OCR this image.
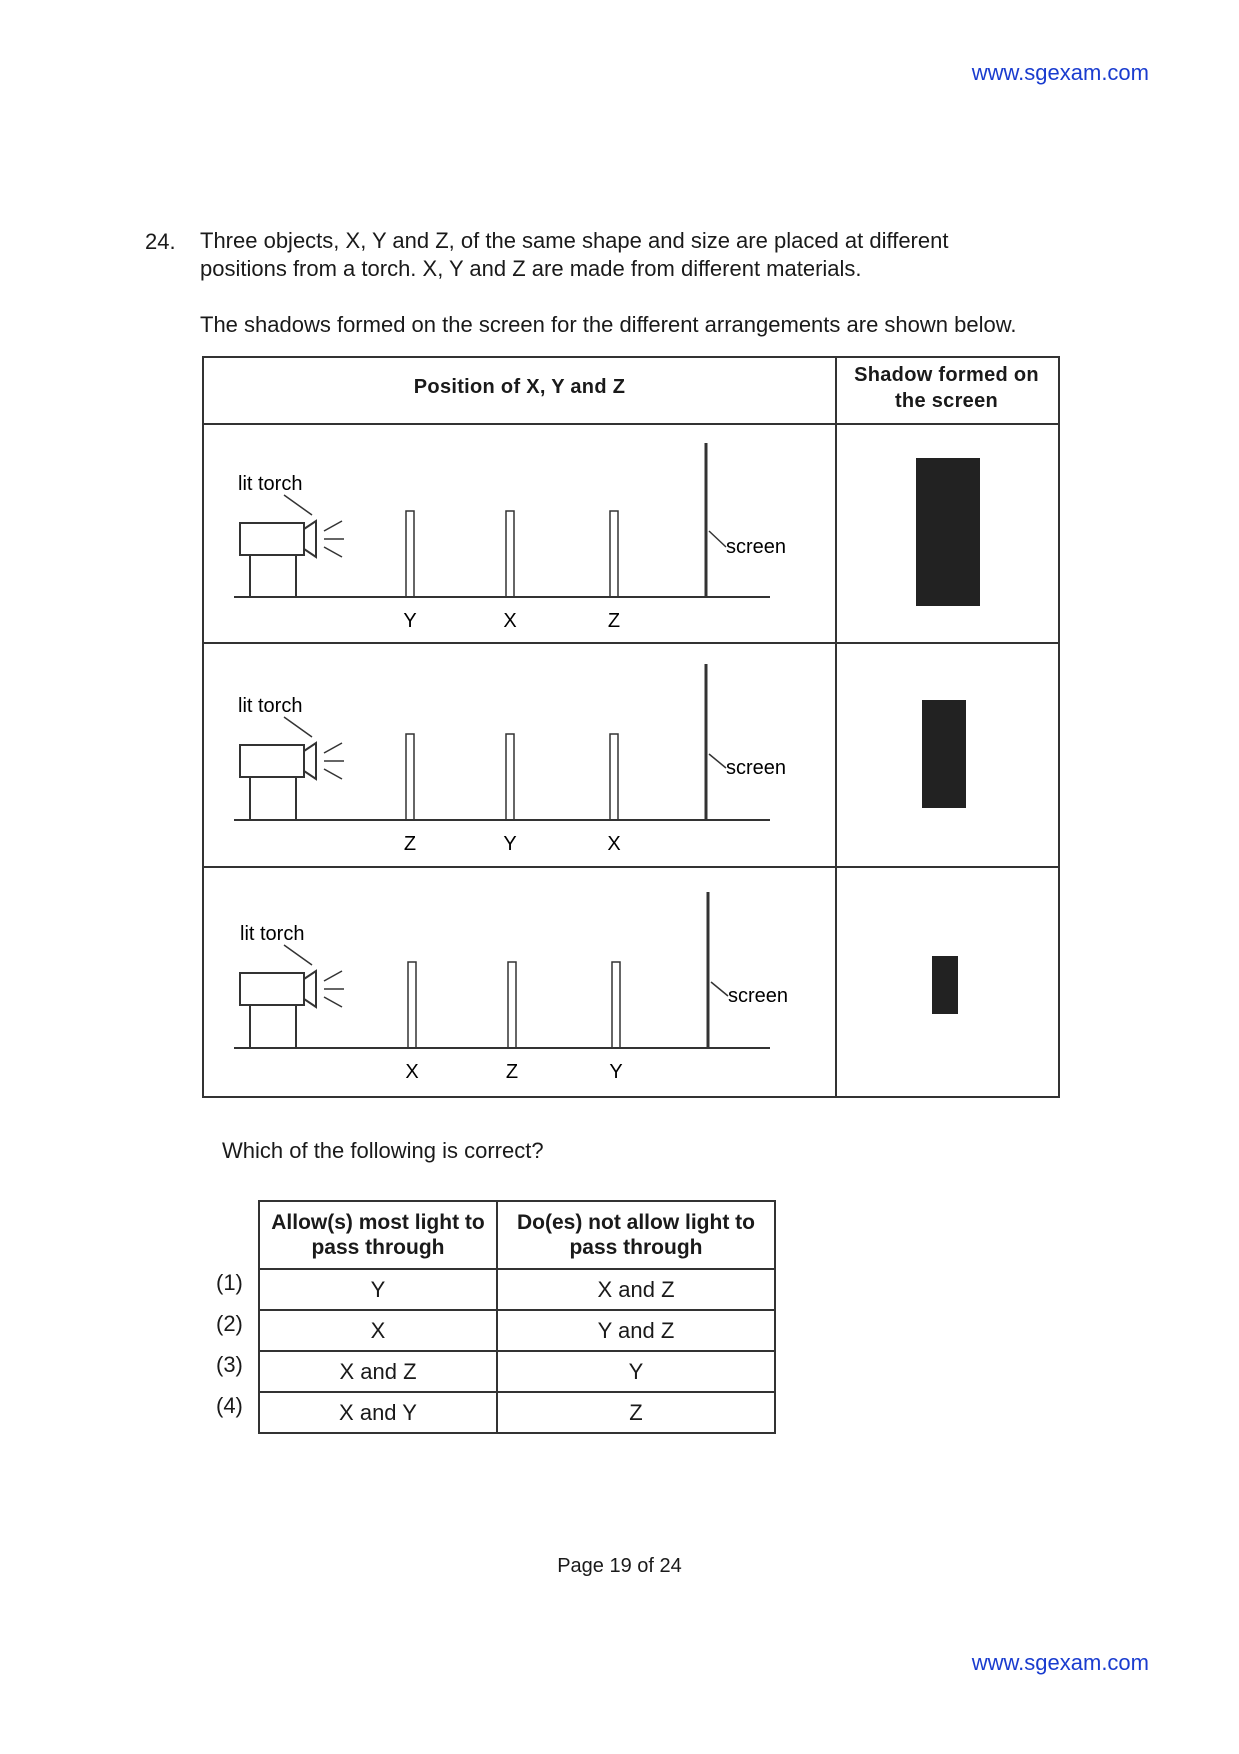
www.sgexam.com
24. Three objects, X, Y and Z, of the same shape and size are placed at different positions from a torch. X, Y and Z are made from different materials.
The shadows formed on the screen for the different arrangements are shown below.
Position of X, Y and Z
Shadow formed on the screen
lit torch
screen
Y	X	Z
lit torch
screen
Z	Y	X
lit torch
screen
X	Z	Y
Which of the following is correct?
(1)
(2)
(3)
(4)
Allow(s) most light to pass through	Do(es) not allow light to pass through
Y	X and Z
X	Y and Z
X and Z	Y
X and Y	Z
Page 19 of 24
www.sgexam.com
